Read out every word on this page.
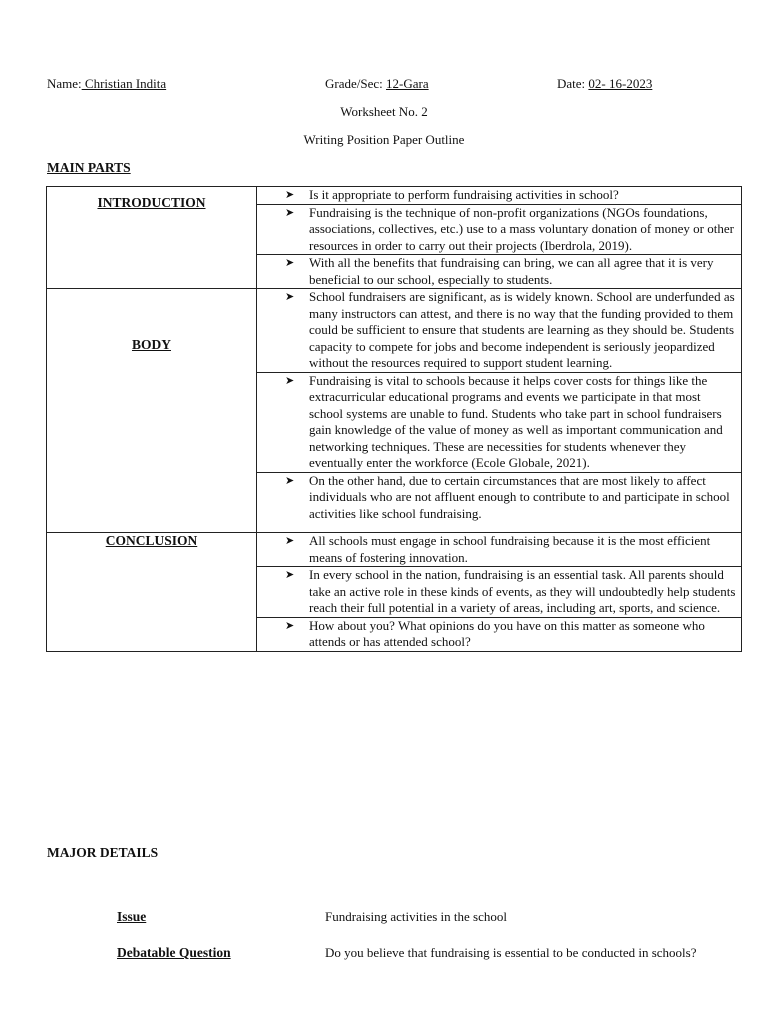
Name: Christian Indita	Grade/Sec: 12-Gara	Date: 02- 16-2023
Worksheet No. 2
Writing Position Paper Outline
MAIN PARTS
INTRODUCTION	➤ Is it appropriate to perform fundraising activities in school?

	➤ Fundraising is the technique of non-profit organizations (NGOs foundations, associations, collectives, etc.) use to a mass voluntary donation of money or other resources in order to carry out their projects (Iberdrola, 2019).

	➤ With all the benefits that fundraising can bring, we can all agree that it is very beneficial to our school, especially to students.

BODY	➤ School fundraisers are significant, as is widely known. School are underfunded as many instructors can attest, and there is no way that the funding provided to them could be sufficient to ensure that students are learning as they should be. Students capacity to compete for jobs and become independent is seriously jeopardized without the resources required to support student learning.

	➤ Fundraising is vital to schools because it helps cover costs for things like the extracurricular educational programs and events we participate in that most school systems are unable to fund. Students who take part in school fundraisers gain knowledge of the value of money as well as important communication and networking techniques. These are necessities for students whenever they eventually enter the workforce (Ecole Globale, 2021).

	➤ On the other hand, due to certain circumstances that are most likely to affect individuals who are not affluent enough to contribute to and participate in school activities like school fundraising.

CONCLUSION	➤ All schools must engage in school fundraising because it is the most efficient means of fostering innovation.

	➤ In every school in the nation, fundraising is an essential task. All parents should take an active role in these kinds of events, as they will undoubtedly help students reach their full potential in a variety of areas, including art, sports, and science.

	➤ How about you? What opinions do you have on this matter as someone who attends or has attended school?
MAJOR DETAILS
Issue	Fundraising activities in the school
Debatable Question	Do you believe that fundraising is essential to be conducted in schools?
